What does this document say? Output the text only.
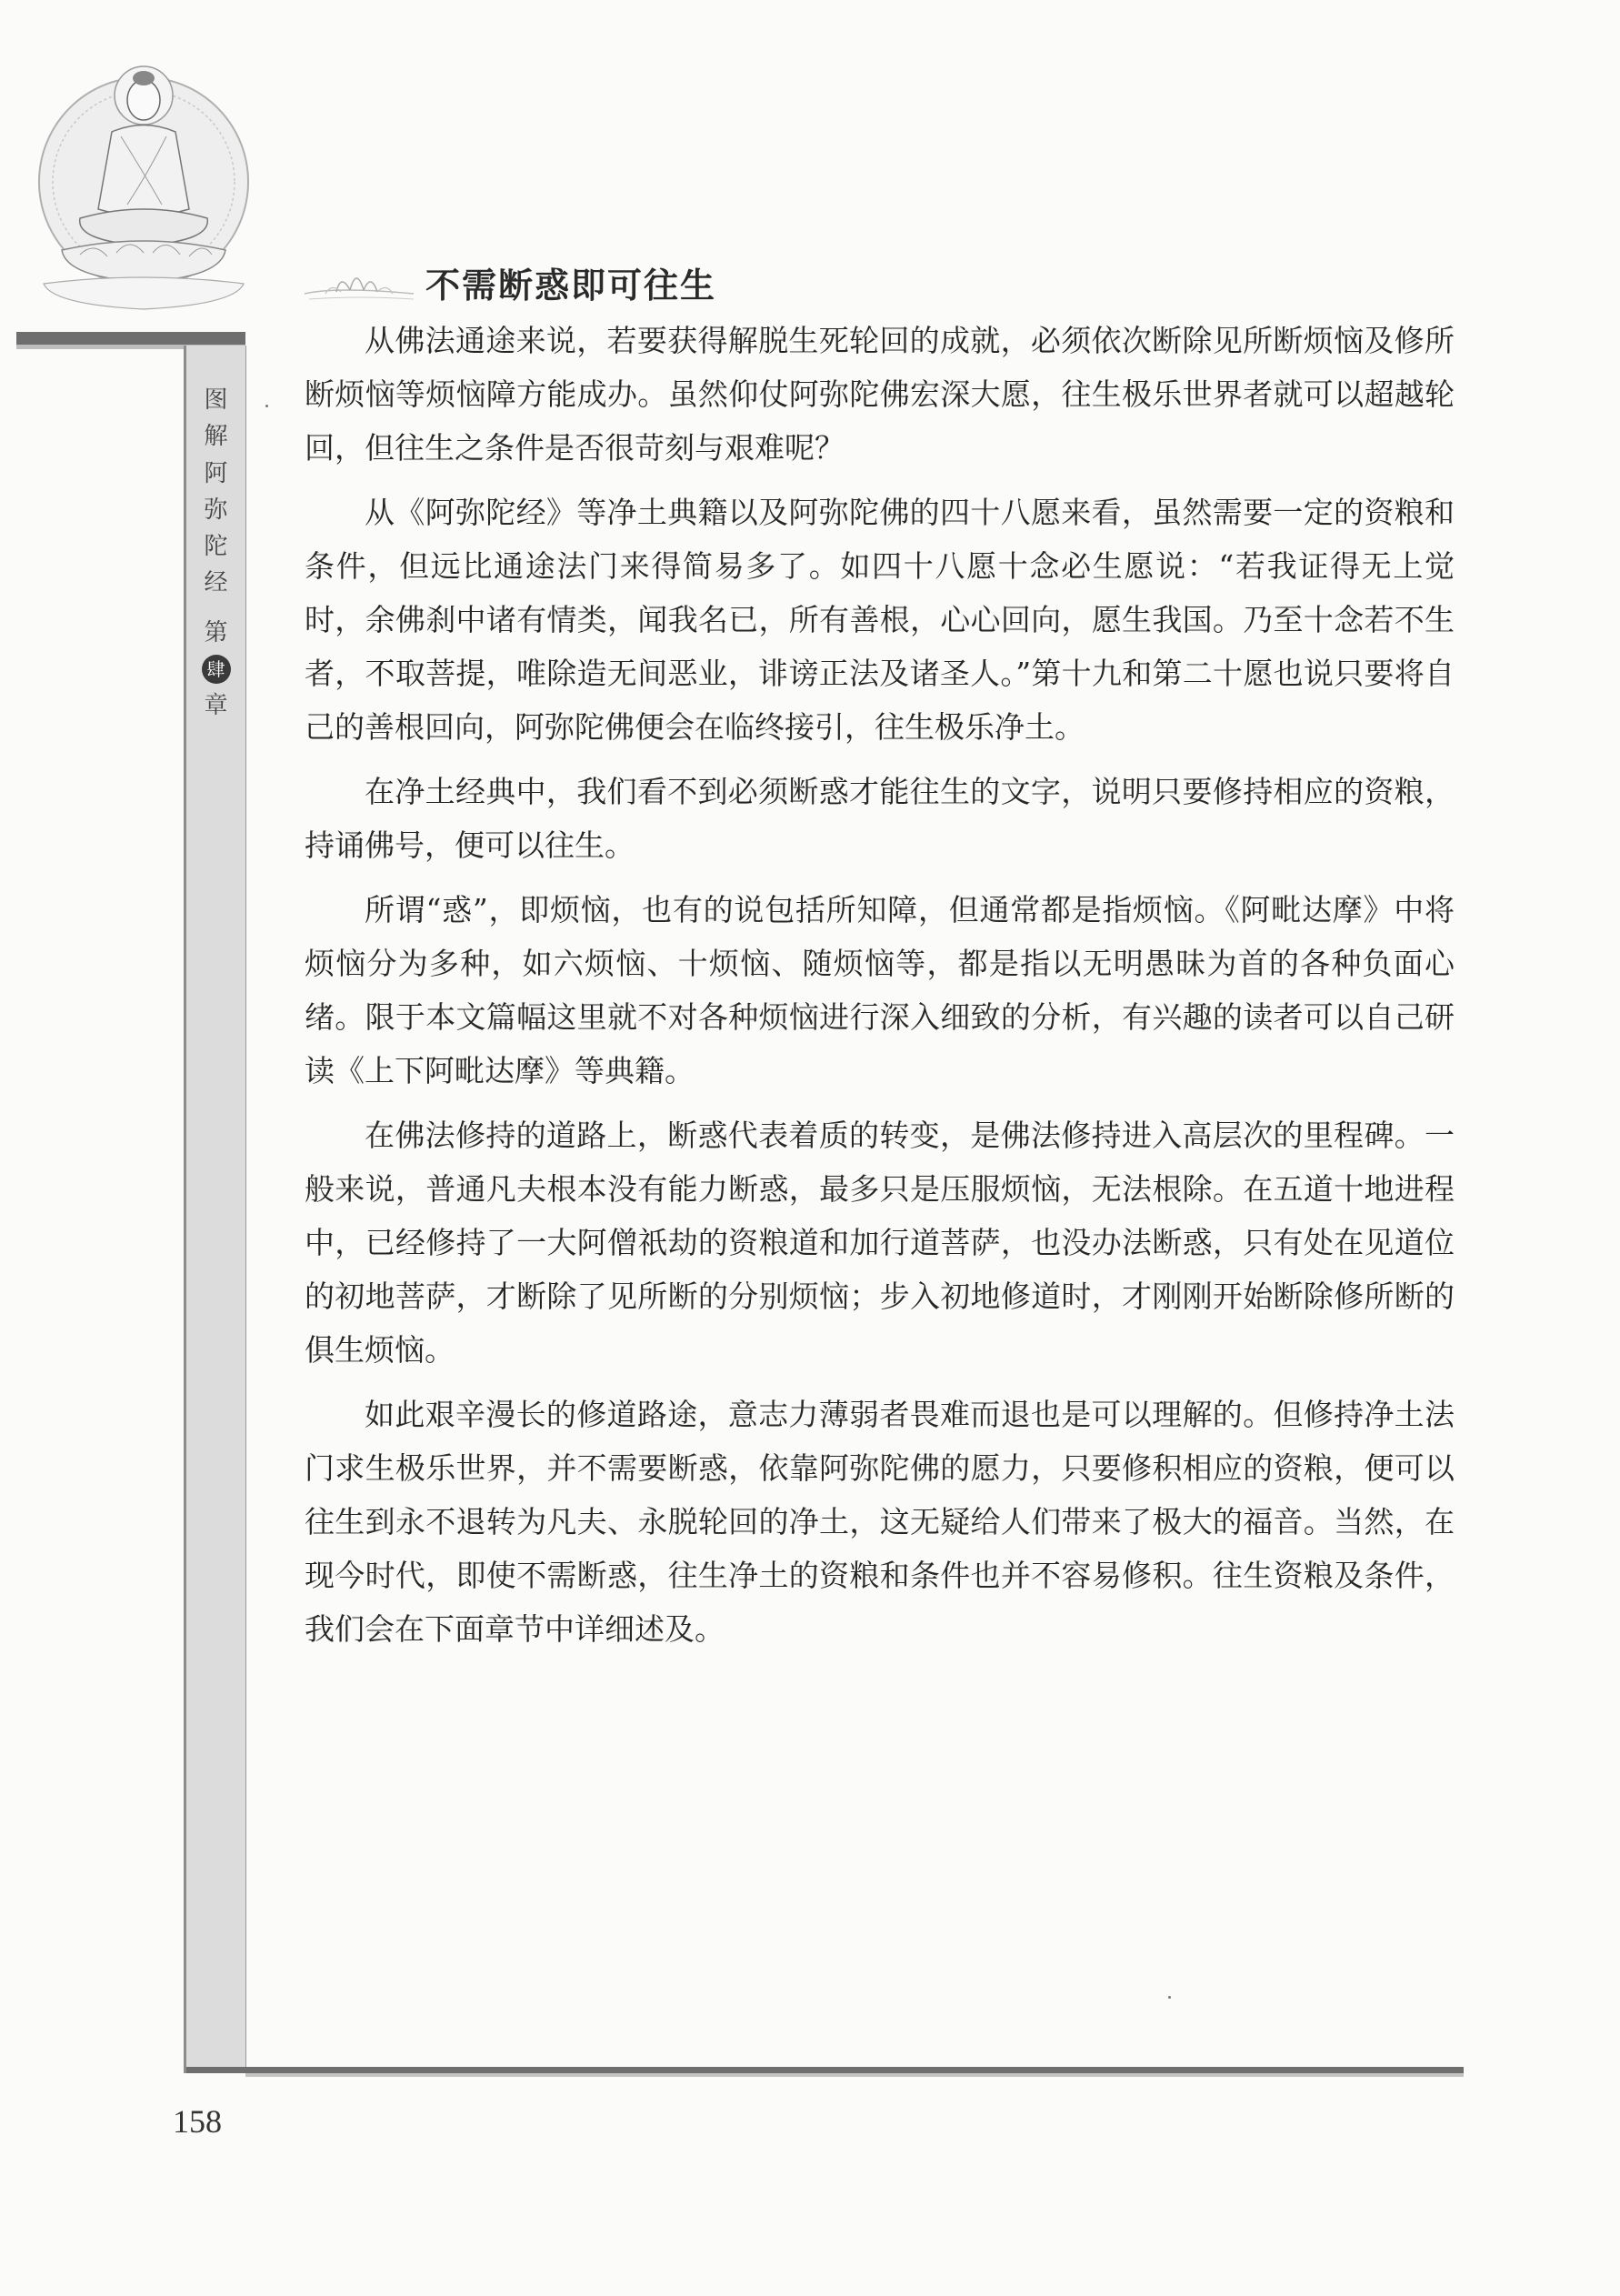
图
解
阿
弥
陀
经
第
肆
章
不需断惑即可往生

从佛法通途来说，若要获得解脱生死轮回的成就，必须依次断除见所断烦恼及修所断烦恼等烦恼障方能成办。虽然仰仗阿弥陀佛宏深大愿，往生极乐世界者就可以超越轮回，但往生之条件是否很苛刻与艰难呢？

从《阿弥陀经》等净土典籍以及阿弥陀佛的四十八愿来看，虽然需要一定的资粮和条件，但远比通途法门来得简易多了。如四十八愿十念必生愿说：“若我证得无上觉时，余佛刹中诸有情类，闻我名已，所有善根，心心回向，愿生我国。乃至十念若不生者，不取菩提，唯除造无间恶业，诽谤正法及诸圣人。”第十九和第二十愿也说只要将自己的善根回向，阿弥陀佛便会在临终接引，往生极乐净土。

在净土经典中，我们看不到必须断惑才能往生的文字，说明只要修持相应的资粮，持诵佛号，便可以往生。

所谓“惑”，即烦恼，也有的说包括所知障，但通常都是指烦恼。《阿毗达摩》中将烦恼分为多种，如六烦恼、十烦恼、随烦恼等，都是指以无明愚昧为首的各种负面心绪。限于本文篇幅这里就不对各种烦恼进行深入细致的分析，有兴趣的读者可以自己研读《上下阿毗达摩》等典籍。

在佛法修持的道路上，断惑代表着质的转变，是佛法修持进入高层次的里程碑。一般来说，普通凡夫根本没有能力断惑，最多只是压服烦恼，无法根除。在五道十地进程中，已经修持了一大阿僧祇劫的资粮道和加行道菩萨，也没办法断惑，只有处在见道位的初地菩萨，才断除了见所断的分别烦恼；步入初地修道时，才刚刚开始断除修所断的俱生烦恼。

如此艰辛漫长的修道路途，意志力薄弱者畏难而退也是可以理解的。但修持净土法门求生极乐世界，并不需要断惑，依靠阿弥陀佛的愿力，只要修积相应的资粮，便可以往生到永不退转为凡夫、永脱轮回的净土，这无疑给人们带来了极大的福音。当然，在现今时代，即使不需断惑，往生净土的资粮和条件也并不容易修积。往生资粮及条件，我们会在下面章节中详细述及。

158
